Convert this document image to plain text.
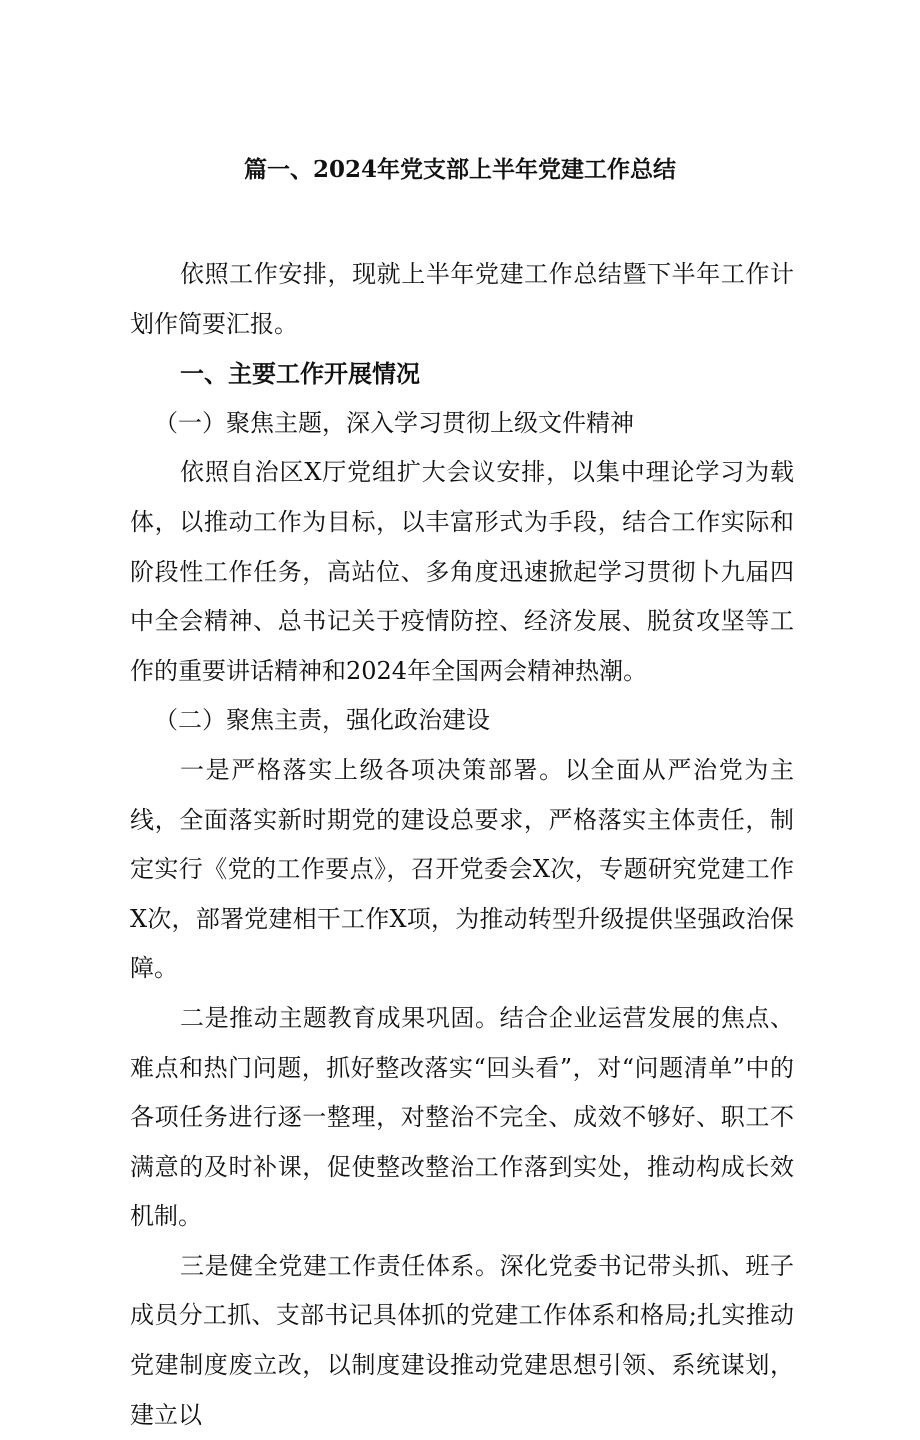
篇一、2024年党支部上半年党建工作总结

依照工作安排，现就上半年党建工作总结暨下半年工作计划作简要汇报。

一、主要工作开展情况

（一）聚焦主题，深入学习贯彻上级文件精神

依照自治区X厅党组扩大会议安排，以集中理论学习为载体，以推动工作为目标，以丰富形式为手段，结合工作实际和阶段性工作任务，高站位、多角度迅速掀起学习贯彻卜九届四中全会精神、总书记关于疫情防控、经济发展、脱贫攻坚等工作的重要讲话精神和2024年全国两会精神热潮。

（二）聚焦主责，强化政治建设

一是严格落实上级各项决策部署。以全面从严治党为主线，全面落实新时期党的建设总要求，严格落实主体责任，制定实行《党的工作要点》，召开党委会X次，专题研究党建工作X次，部署党建相干工作X项，为推动转型升级提供坚强政治保障。

二是推动主题教育成果巩固。结合企业运营发展的焦点、难点和热门问题，抓好整改落实“回头看”，对“问题清单”中的各项任务进行逐一整理，对整治不完全、成效不够好、职工不满意的及时补课，促使整改整治工作落到实处，推动构成长效机制。

三是健全党建工作责任体系。深化党委书记带头抓、班子成员分工抓、支部书记具体抓的党建工作体系和格局;扎实推动党建制度废立改，以制度建设推动党建思想引领、系统谋划，建立以
